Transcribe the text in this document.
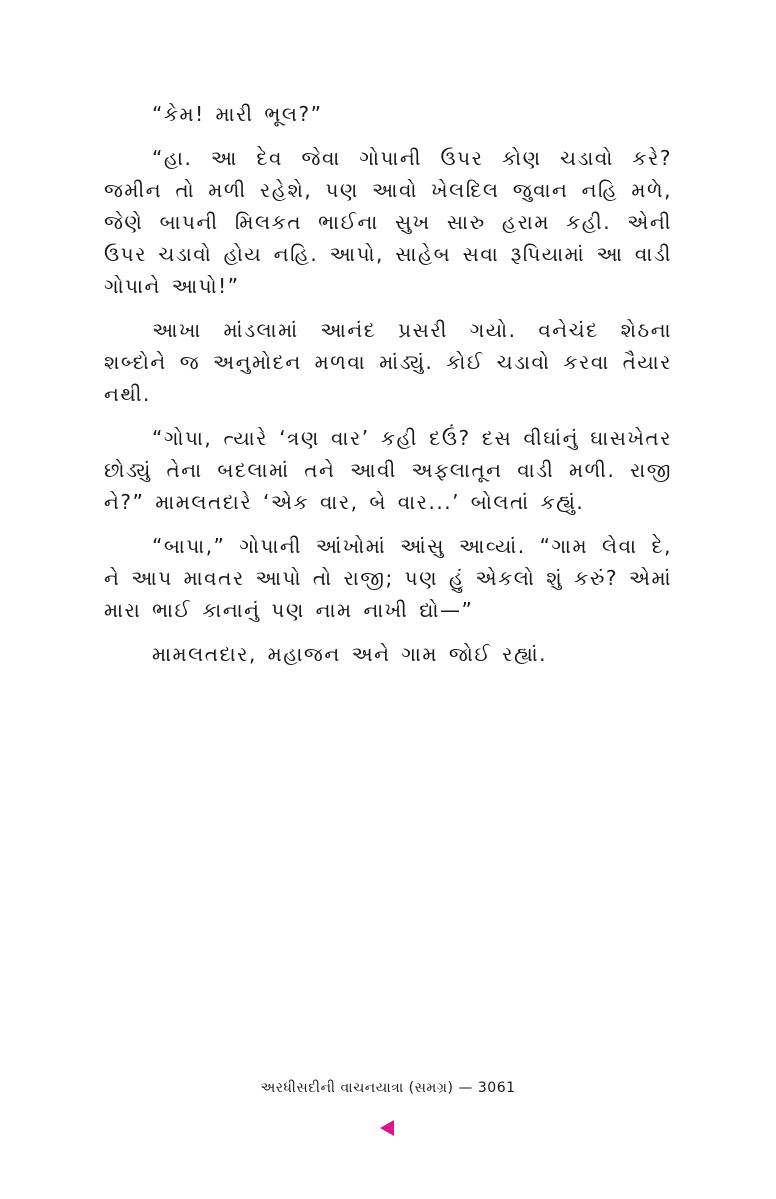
“કેમ! મારી ભૂલ?”

“હા. આ દેવ જેવા ગોપાની ઉપર કોણ ચડાવો કરે? જમીન તો મળી રહેશે, પણ આવો ખેલદિલ જુવાન નહિ મળે, જેણે બાપની મિલકત ભાઈના સુખ સારુ હરામ કહી. એની ઉપર ચડાવો હોય નહિ. આપો, સાહેબ સવા રૂપિયામાં આ વાડી ગોપાને આપો!”

આખા માંડલામાં આનંદ પ્રસરી ગયો. વનેચંદ શેઠના શબ્દોને જ અનુમોદન મળવા માંડ્યું. કોઈ ચડાવો કરવા તૈયાર નથી.

“ગોપા, ત્યારે ‘ત્રણ વાર’ કહી દઉં? દસ વીઘાંનું ઘાસખેતર છોડ્યું તેના બદલામાં તને આવી અફલાતૂન વાડી મળી. રાજી ને?” મામલતદારે ‘એક વાર, બે વાર...’ બોલતાં કહ્યું.

“બાપા,” ગોપાની આંખોમાં આંસુ આવ્યાં. “ગામ લેવા દે, ને આપ માવતર આપો તો રાજી; પણ હું એકલો શું કરું? એમાં મારા ભાઈ કાનાનું પણ નામ નાખી દ્યો—”

મામલતદાર, મહાજન અને ગામ જોઈ રહ્યાં.

અરધીસદીની વાચનયાત્રા (સમગ્ર) — 3061
